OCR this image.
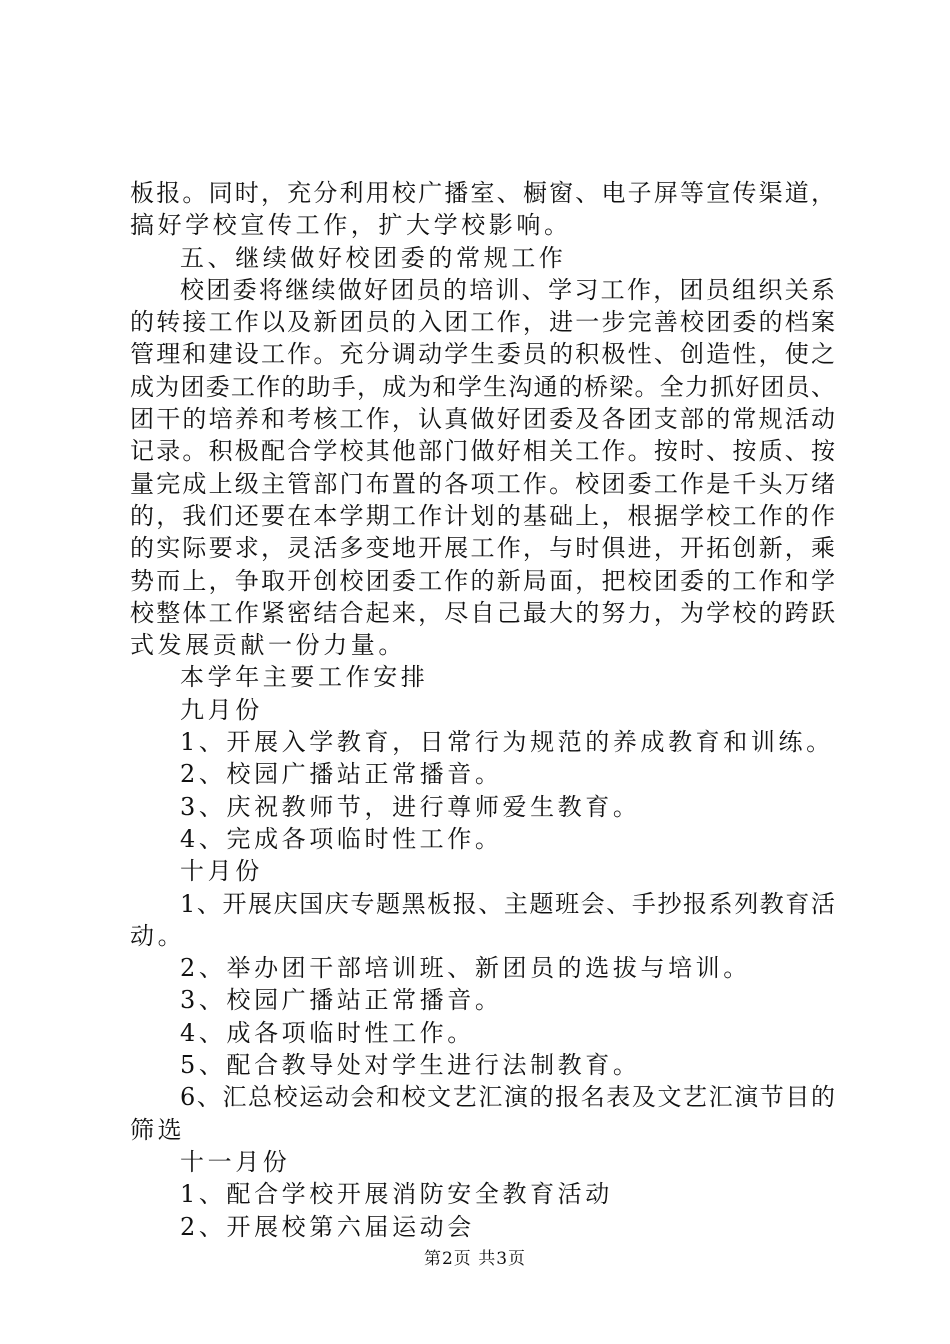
板报。同时，充分利用校广播室、橱窗、电子屏等宣传渠道，

搞好学校宣传工作，扩大学校影响。

五、继续做好校团委的常规工作

校团委将继续做好团员的培训、学习工作，团员组织关系

的转接工作以及新团员的入团工作，进一步完善校团委的档案

管理和建设工作。充分调动学生委员的积极性、创造性，使之

成为团委工作的助手，成为和学生沟通的桥梁。全力抓好团员、

团干的培养和考核工作，认真做好团委及各团支部的常规活动

记录。积极配合学校其他部门做好相关工作。按时、按质、按

量完成上级主管部门布置的各项工作。校团委工作是千头万绪

的，我们还要在本学期工作计划的基础上，根据学校工作的作

的实际要求，灵活多变地开展工作，与时俱进，开拓创新，乘

势而上，争取开创校团委工作的新局面，把校团委的工作和学

校整体工作紧密结合起来，尽自己最大的努力，为学校的跨跃

式发展贡献一份力量。

本学年主要工作安排

九月份

1、开展入学教育，日常行为规范的养成教育和训练。

2、校园广播站正常播音。

3、庆祝教师节，进行尊师爱生教育。

4、完成各项临时性工作。

十月份

1、开展庆国庆专题黑板报、主题班会、手抄报系列教育活

动。

2、举办团干部培训班、新团员的选拔与培训。

3、校园广播站正常播音。

4、成各项临时性工作。

5、配合教导处对学生进行法制教育。

6、汇总校运动会和校文艺汇演的报名表及文艺汇演节目的

筛选

十一月份

1、配合学校开展消防安全教育活动

2、开展校第六届运动会

第2页 共3页
